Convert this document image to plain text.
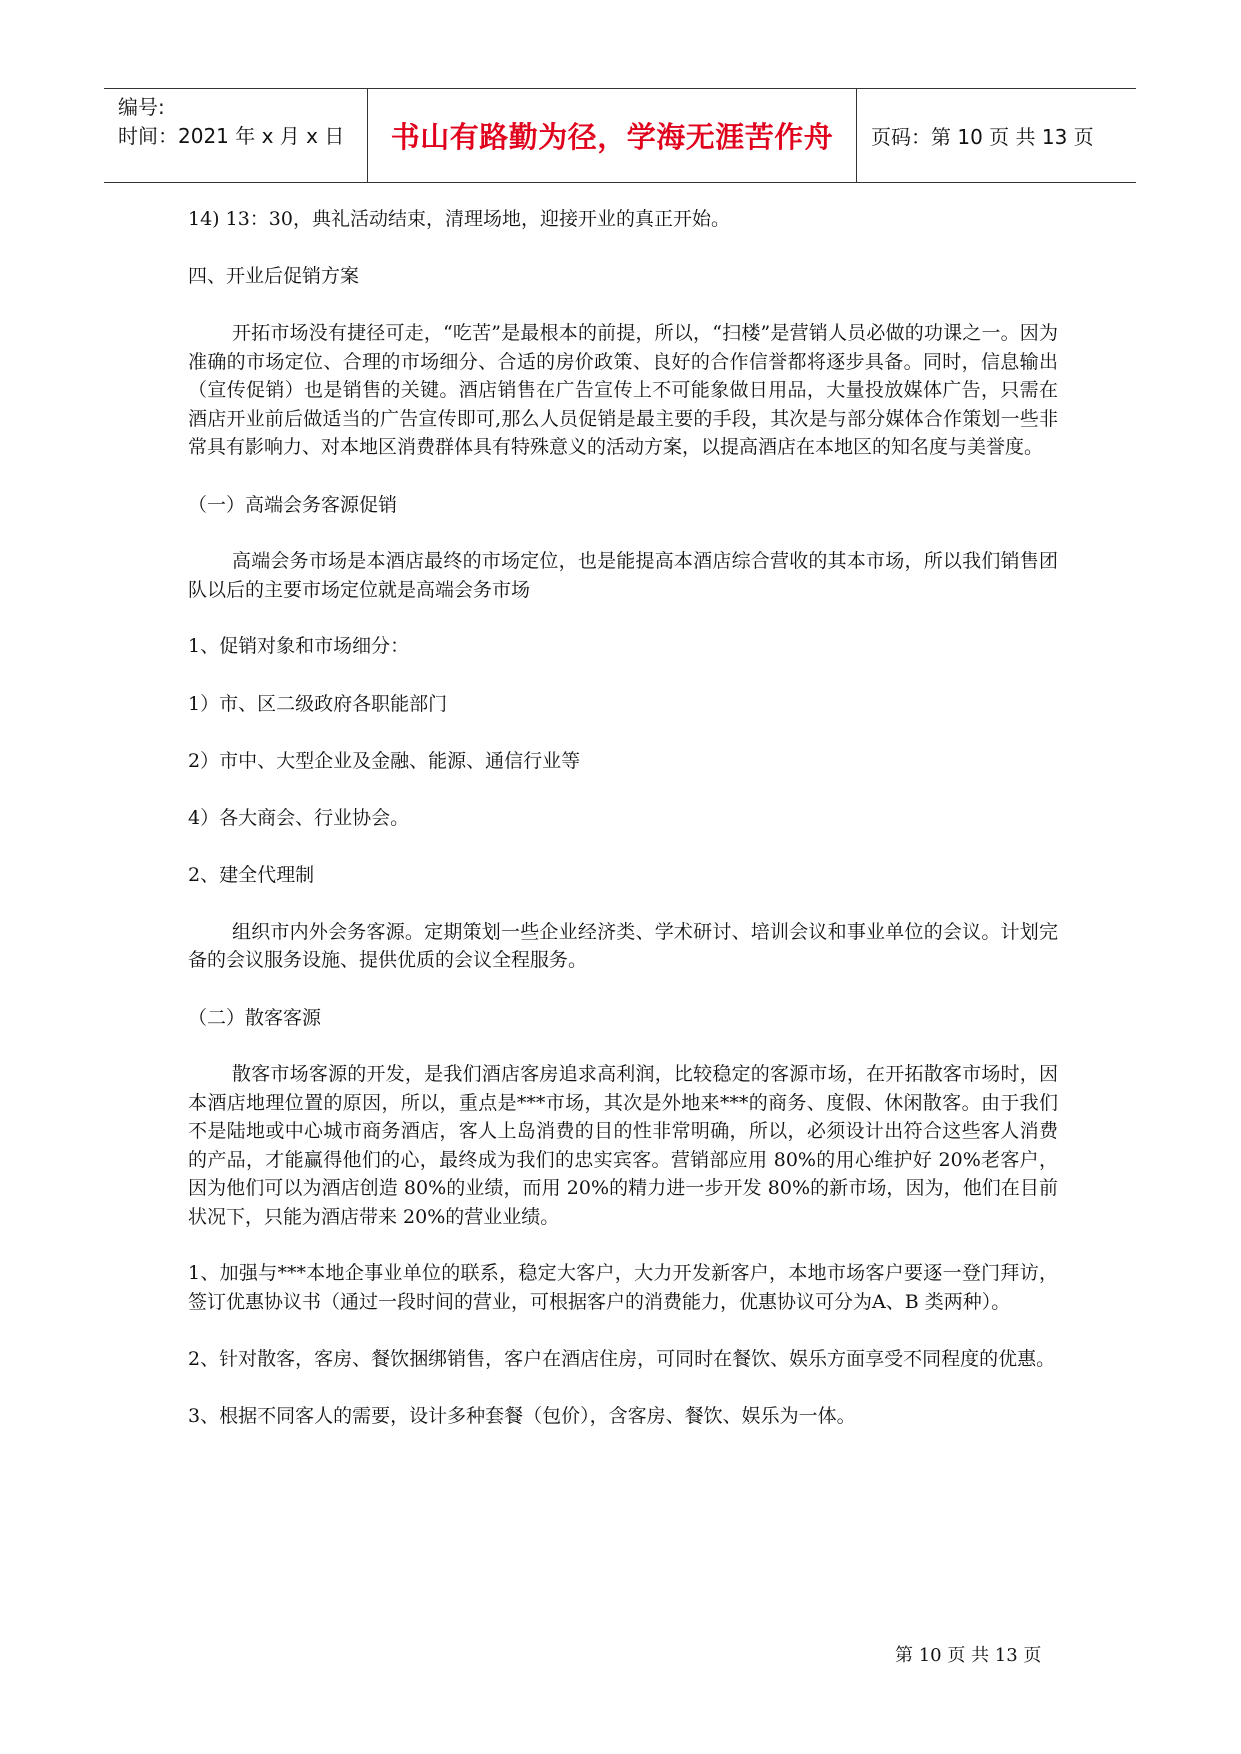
编号:
时间：2021 年 x 月 x 日	书山有路勤为径，学海无涯苦作舟	页码：第 10 页 共 13 页

14) 13：30，典礼活动结束，清理场地，迎接开业的真正开始。

四、开业后促销方案

开拓市场没有捷径可走，“吃苦”是最根本的前提，所以，“扫楼”是营销人员必做的功课之一。因为准确的市场定位、合理的市场细分、合适的房价政策、良好的合作信誉都将逐步具备。同时，信息输出（宣传促销）也是销售的关键。酒店销售在广告宣传上不可能象做日用品，大量投放媒体广告，只需在酒店开业前后做适当的广告宣传即可,那么人员促销是最主要的手段，其次是与部分媒体合作策划一些非常具有影响力、对本地区消费群体具有特殊意义的活动方案，以提高酒店在本地区的知名度与美誉度。

（一）高端会务客源促销

高端会务市场是本酒店最终的市场定位，也是能提高本酒店综合营收的其本市场，所以我们销售团队以后的主要市场定位就是高端会务市场

1、促销对象和市场细分：

1）市、区二级政府各职能部门

2）市中、大型企业及金融、能源、通信行业等

4）各大商会、行业协会。

2、建全代理制

组织市内外会务客源。定期策划一些企业经济类、学术研讨、培训会议和事业单位的会议。计划完备的会议服务设施、提供优质的会议全程服务。

（二）散客客源

散客市场客源的开发，是我们酒店客房追求高利润，比较稳定的客源市场，在开拓散客市场时，因本酒店地理位置的原因，所以，重点是***市场，其次是外地来***的商务、度假、休闲散客。由于我们不是陆地或中心城市商务酒店，客人上岛消费的目的性非常明确，所以，必须设计出符合这些客人消费的产品，才能赢得他们的心，最终成为我们的忠实宾客。营销部应用 80%的用心维护好 20%老客户，因为他们可以为酒店创造 80%的业绩，而用 20%的精力进一步开发 80%的新市场，因为，他们在目前状况下，只能为酒店带来 20%的营业业绩。

1、加强与***本地企事业单位的联系，稳定大客户，大力开发新客户，本地市场客户要逐一登门拜访，签订优惠协议书（通过一段时间的营业，可根据客户的消费能力，优惠协议可分为A、B 类两种）。

2、针对散客，客房、餐饮捆绑销售，客户在酒店住房，可同时在餐饮、娱乐方面享受不同程度的优惠。

3、根据不同客人的需要，设计多种套餐（包价），含客房、餐饮、娱乐为一体。

第 10 页 共 13 页
